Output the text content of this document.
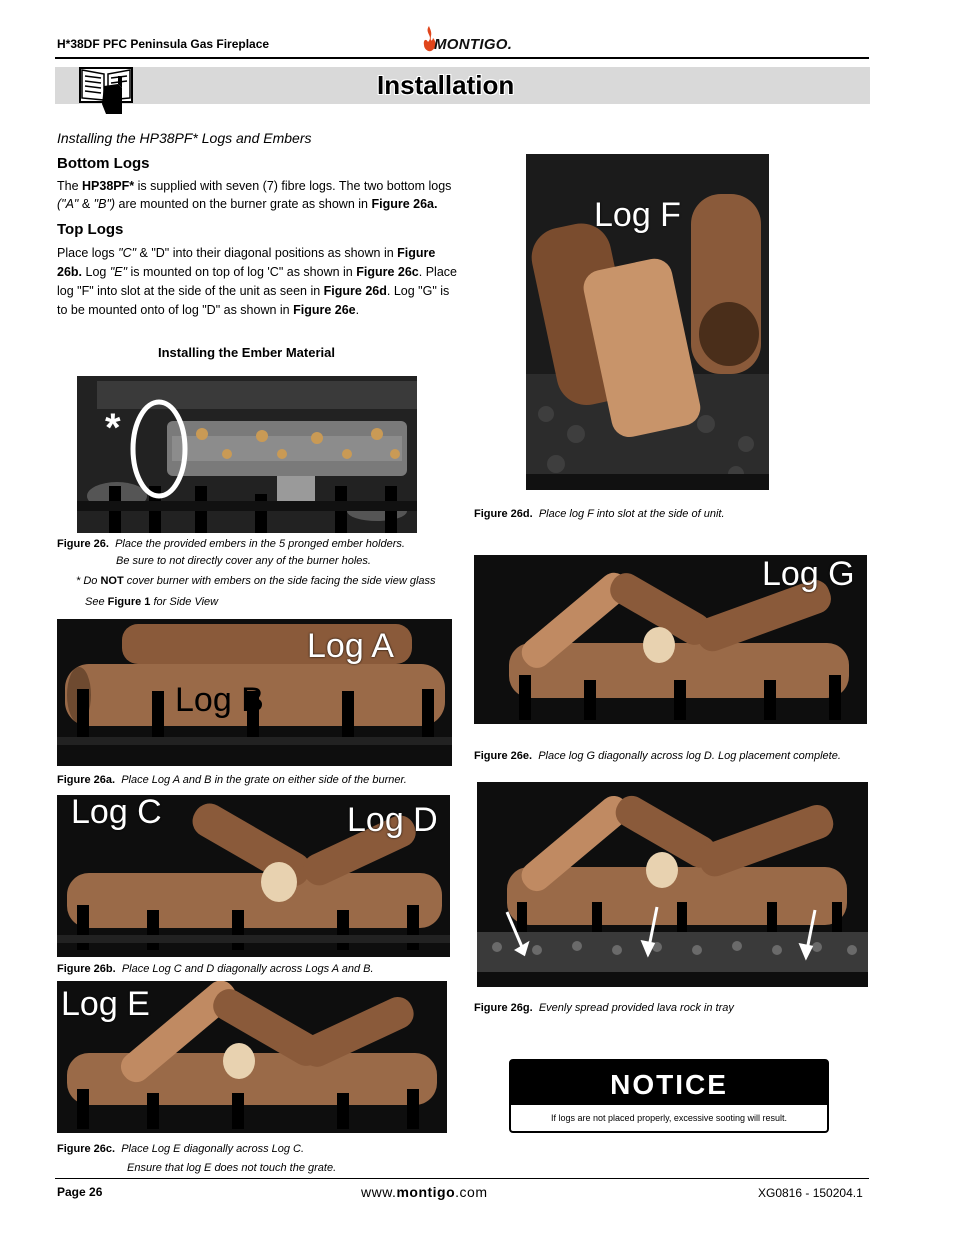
H*38DF PFC Peninsula Gas Fireplace	MONTIGO.
Installation
Installing the HP38PF* Logs and Embers
Bottom Logs

The HP38PF* is supplied with seven (7) fibre logs. The two bottom logs
("A" & "B") are mounted on the burner grate as shown in Figure 26a.

Top Logs

Place logs "C" & "D" into their diagonal positions as shown in Figure
26b. Log "E" is mounted on top of log 'C" as shown in Figure 26c. Place
log "F" into slot at the side of the unit as seen in Figure 26d. Log "G" is
to be mounted onto of log "D" as shown in Figure 26e.

Installing the Ember Material
*
Figure 26. Place the provided embers in the 5 pronged ember holders.
Be sure to not directly cover any of the burner holes.
* Do NOT cover burner with embers on the side facing the side view glass
See Figure 1 for Side View
Log A
Log B
Figure 26a. Place Log A and B in the grate on either side of the burner.
Log C	Log D
Figure 26b. Place Log C and D diagonally across Logs A and B.
Log E
Figure 26c. Place Log E diagonally across Log C.
Ensure that log E does not touch the grate.
Log F
Figure 26d. Place log F into slot at the side of unit.
Log G
Figure 26e. Place log G diagonally across log D. Log placement complete.
Figure 26g. Evenly spread provided lava rock in tray
NOTICE
If logs are not placed properly, excessive sooting will result.
Page 26	www.montigo.com	XG0816 - 150204.1
